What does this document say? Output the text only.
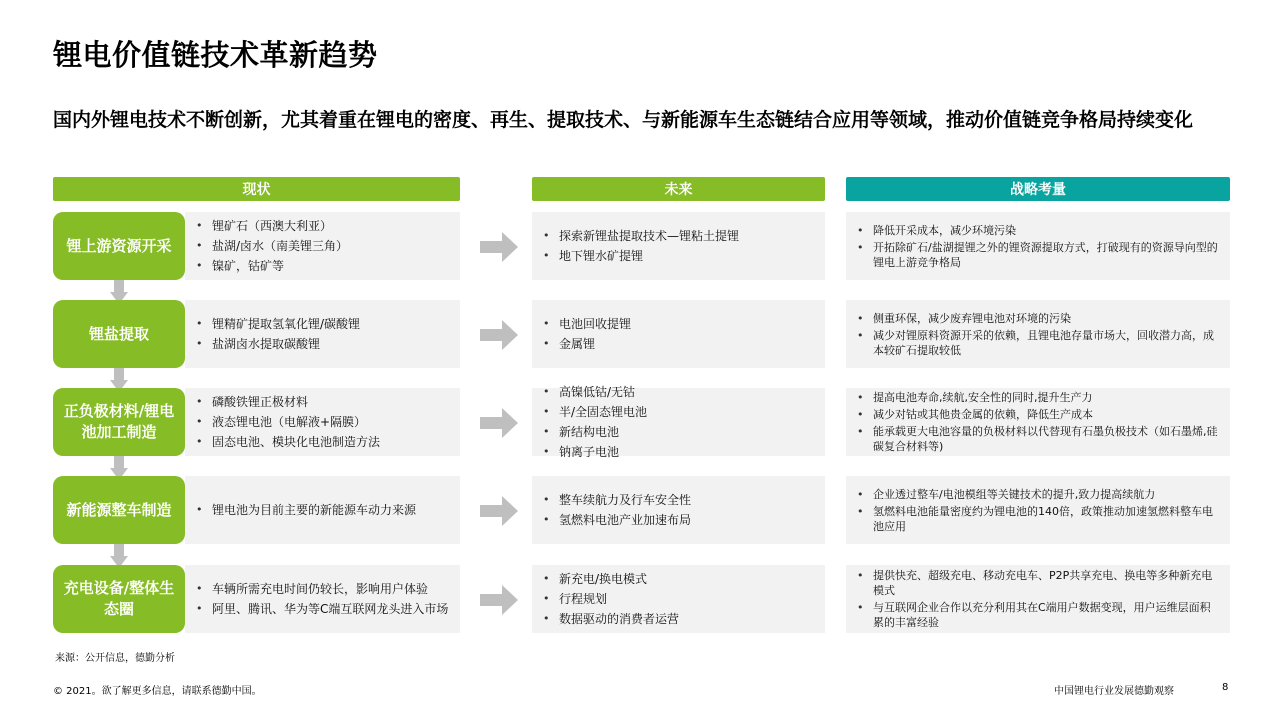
锂电价值链技术革新趋势
国内外锂电技术不断创新，尤其着重在锂电的密度、再生、提取技术、与新能源车生态链结合应用等领域，推动价值链竞争格局持续变化
现状	未来	战略考量
锂上游资源开采
• 锂矿石（西澳大利亚）
• 盐湖/卤水（南美锂三角）
• 镍矿，钴矿等
• 探索新锂盐提取技术—锂粘土提锂
• 地下锂水矿提锂
• 降低开采成本，减少环境污染
• 开拓除矿石/盐湖提锂之外的锂资源提取方式，打破现有的资源导向型的锂电上游竞争格局
锂盐提取
• 锂精矿提取氢氧化锂/碳酸锂
• 盐湖卤水提取碳酸锂
• 电池回收提锂
• 金属锂
• 侧重环保，减少废弃锂电池对环境的污染
• 减少对锂原料资源开采的依赖，且锂电池存量市场大，回收潜力高，成本较矿石提取较低
正负极材料/锂电池加工制造
• 磷酸铁锂正极材料
• 液态锂电池（电解液+隔膜）
• 固态电池、模块化电池制造方法
• 高镍低钴/无钴
• 半/全固态锂电池
• 新结构电池
• 钠离子电池
• 提高电池寿命,续航,安全性的同时,提升生产力
• 减少对钴或其他贵金属的依赖，降低生产成本
• 能承载更大电池容量的负极材料以代替现有石墨负极技术（如石墨烯,硅碳复合材料等)
新能源整车制造
•	锂电池为目前主要的新能源车动力来源
• 整车续航力及行车安全性
• 氢燃料电池产业加速布局
• 企业透过整车/电池模组等关键技术的提升,致力提高续航力
• 氢燃料电池能量密度约为锂电池的140倍，政策推动加速氢燃料整车电池应用
充电设备/整体生态圈
• 车辆所需充电时间仍较长，影响用户体验
• 阿里、腾讯、华为等C端互联网龙头进入市场
• 新充电/换电模式
• 行程规划
• 数据驱动的消费者运营
• 提供快充、超级充电、移动充电车、P2P共享充电、换电等多种新充电模式
• 与互联网企业合作以充分利用其在C端用户数据变现，用户运维层面积累的丰富经验
来源：公开信息，德勤分析
© 2021。欲了解更多信息，请联系德勤中国。	中国锂电行业发展德勤观察	8
